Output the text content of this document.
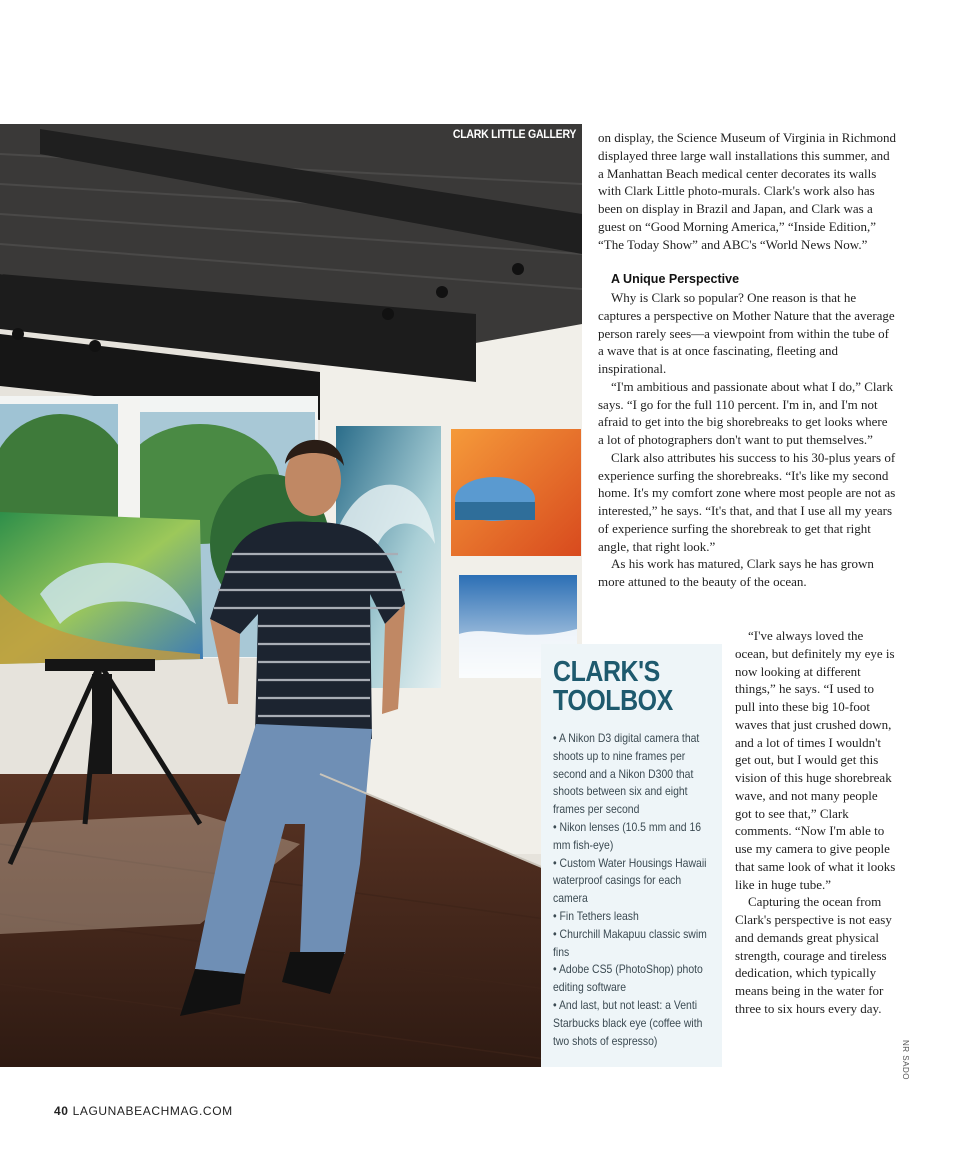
CLARK LITTLE GALLERY
CLARK'S
TOOLBOX
• A Nikon D3 digital camera that shoots up to nine frames per second and a Nikon D300 that shoots between six and eight frames per second
• Nikon lenses (10.5 mm and 16 mm fish-eye)
• Custom Water Housings Hawaii waterproof casings for each camera
• Fin Tethers leash
• Churchill Makapuu classic swim fins
• Adobe CS5 (PhotoShop) photo editing software
• And last, but not least: a Venti Starbucks black eye (coffee with two shots of espresso)

on display, the Science Museum of Virginia in Richmond displayed three large wall installations this summer, and a Manhattan Beach medical center decorates its walls with Clark Little photo-murals. Clark's work also has been on display in Brazil and Japan, and Clark was a guest on “Good Morning America,” “Inside Edition,” “The Today Show” and ABC's “World News Now.”

A Unique Perspective

Why is Clark so popular? One reason is that he captures a perspective on Mother Nature that the average person rarely sees—a viewpoint from within the tube of a wave that is at once fascinating, fleeting and inspirational.

“I'm ambitious and passionate about what I do,” Clark says. “I go for the full 110 percent. I'm in, and I'm not afraid to get into the big shorebreaks to get looks where a lot of photographers don't want to put themselves.”

Clark also attributes his success to his 30-plus years of experience surfing the shorebreaks. “It's like my second home. It's my comfort zone where most people are not as interested,” he says. “It's that, and that I use all my years of experience surfing the shorebreak to get that right angle, that right look.”

As his work has matured, Clark says he has grown more attuned to the beauty of the ocean.

“I've always loved the ocean, but definitely my eye is now looking at different things,” he says. “I used to pull into these big 10-foot waves that just crushed down, and a lot of times I wouldn't get out, but I would get this vision of this huge shorebreak wave, and not many people got to see that,” Clark comments. “Now I'm able to use my camera to give people that same look of what it looks like in huge tube.”

Capturing the ocean from Clark's perspective is not easy and demands great physical strength, courage and tireless dedication, which typically means being in the water for three to six hours every day.

NR SADO
40 LAGUNABEACHMAG.COM
